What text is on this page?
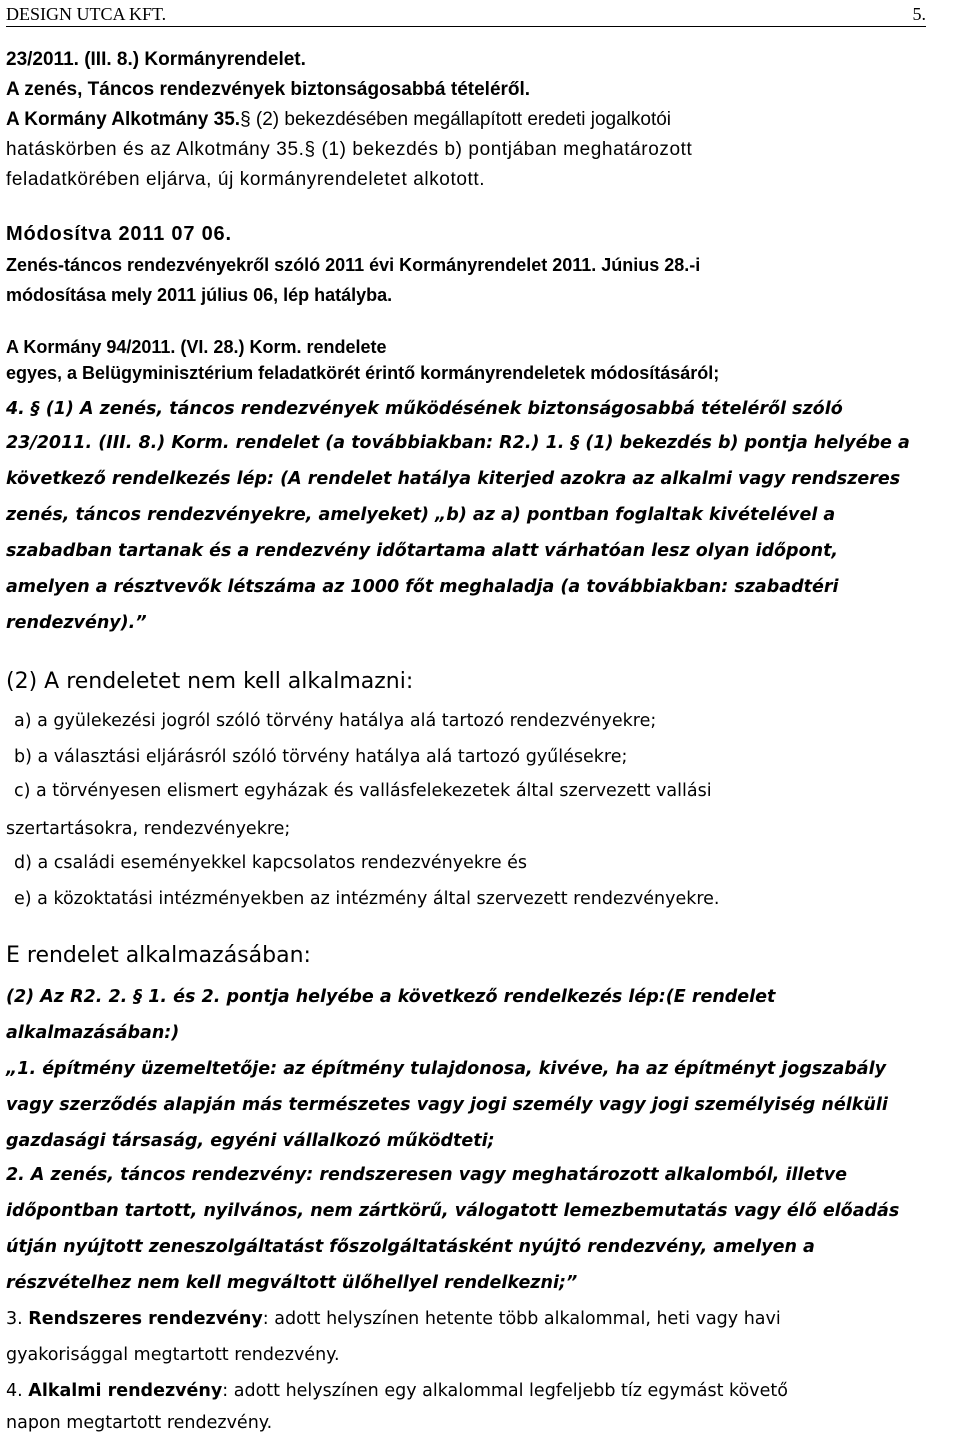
DESIGN UTCA KFT.	5.
23/2011. (III. 8.) Kormányrendelet.
A zenés, Táncos rendezvények biztonságosabbá tételéről.
A Kormány Alkotmány 35.§ (2) bekezdésében megállapított eredeti jogalkotói
hatáskörben és az Alkotmány 35.§ (1) bekezdés b) pontjában meghatározott
feladatkörében eljárva, új kormányrendeletet alkotott.
Módosítva 2011 07 06.
Zenés-táncos rendezvényekről szóló 2011 évi Kormányrendelet 2011. Június 28.-i
módosítása mely 2011 július 06, lép hatályba.
A Kormány 94/2011. (VI. 28.) Korm. rendelete
egyes, a Belügyminisztérium feladatkörét érintő kormányrendeletek módosításáról;
4. § (1) A zenés, táncos rendezvények működésének biztonságosabbá tételéről szóló
23/2011. (III. 8.) Korm. rendelet (a továbbiakban: R2.) 1. § (1) bekezdés b) pontja helyébe a
következő rendelkezés lép: (A rendelet hatálya kiterjed azokra az alkalmi vagy rendszeres
zenés, táncos rendezvényekre, amelyeket) „b) az a) pontban foglaltak kivételével a
szabadban tartanak és a rendezvény időtartama alatt várhatóan lesz olyan időpont,
amelyen a résztvevők létszáma az 1000 főt meghaladja (a továbbiakban: szabadtéri
rendezvény).”
(2) A rendeletet nem kell alkalmazni:
a) a gyülekezési jogról szóló törvény hatálya alá tartozó rendezvényekre;
b) a választási eljárásról szóló törvény hatálya alá tartozó gyűlésekre;
c) a törvényesen elismert egyházak és vallásfelekezetek által szervezett vallási
szertartásokra, rendezvényekre;
d) a családi eseményekkel kapcsolatos rendezvényekre és
e) a közoktatási intézményekben az intézmény által szervezett rendezvényekre.
E rendelet alkalmazásában:
(2) Az R2. 2. § 1. és 2. pontja helyébe a következő rendelkezés lép:(E rendelet
alkalmazásában:)
„1. építmény üzemeltetője: az építmény tulajdonosa, kivéve, ha az építményt jogszabály
vagy szerződés alapján más természetes vagy jogi személy vagy jogi személyiség nélküli
gazdasági társaság, egyéni vállalkozó működteti;
2. A zenés, táncos rendezvény: rendszeresen vagy meghatározott alkalomból, illetve
időpontban tartott, nyilvános, nem zártkörű, válogatott lemezbemutatás vagy élő előadás
útján nyújtott zeneszolgáltatást főszolgáltatásként nyújtó rendezvény, amelyen a
részvételhez nem kell megváltott ülőhellyel rendelkezni;”
3. Rendszeres rendezvény: adott helyszínen hetente több alkalommal, heti vagy havi
gyakorisággal megtartott rendezvény.
4. Alkalmi rendezvény: adott helyszínen egy alkalommal legfeljebb tíz egymást követő
napon megtartott rendezvény.
